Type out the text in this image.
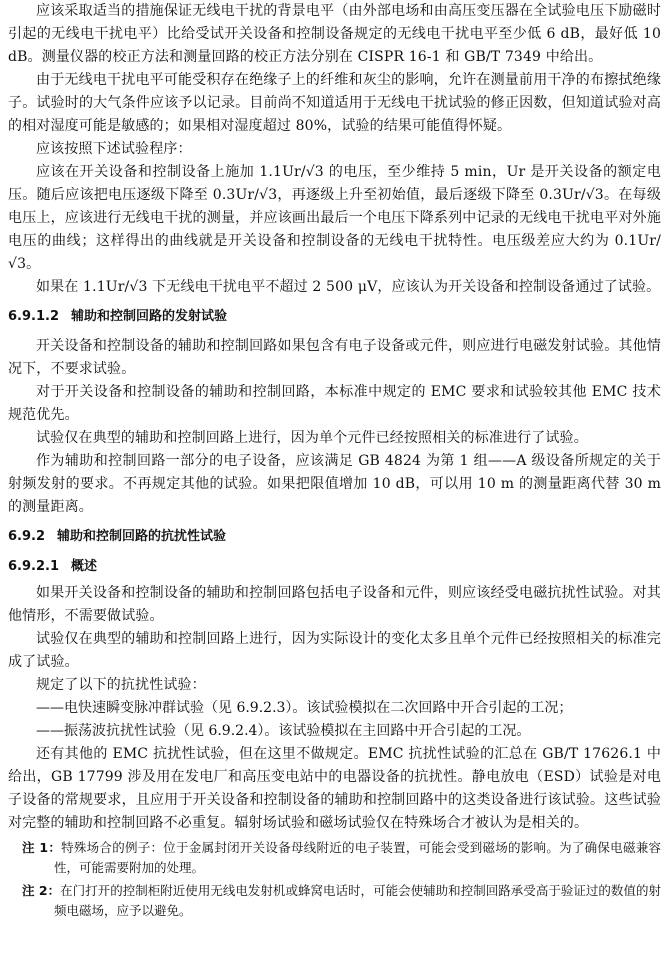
应该采取适当的措施保证无线电干扰的背景电平（由外部电场和由高压变压器在全试验电压下励磁时引起的无线电干扰电平）比给受试开关设备和控制设备规定的无线电干扰电平至少低 6 dB，最好低 10 dB。测量仪器的校正方法和测量回路的校正方法分别在 CISPR 16-1 和 GB/T 7349 中给出。

由于无线电干扰电平可能受积存在绝缘子上的纤维和灰尘的影响，允许在测量前用干净的布擦拭绝缘子。试验时的大气条件应该予以记录。目前尚不知道适用于无线电干扰试验的修正因数，但知道试验对高的相对湿度可能是敏感的；如果相对湿度超过 80%，试验的结果可能值得怀疑。

应该按照下述试验程序：

应该在开关设备和控制设备上施加 1.1Ur/√3 的电压，至少维持 5 min，Ur 是开关设备的额定电压。随后应该把电压逐级下降至 0.3Ur/√3，再逐级上升至初始值，最后逐级下降至 0.3Ur/√3。在每级电压上，应该进行无线电干扰的测量，并应该画出最后一个电压下降系列中记录的无线电干扰电平对外施电压的曲线；这样得出的曲线就是开关设备和控制设备的无线电干扰特性。电压级差应大约为 0.1Ur/√3。

如果在 1.1Ur/√3 下无线电干扰电平不超过 2 500 μV，应该认为开关设备和控制设备通过了试验。

6.9.1.2 辅助和控制回路的发射试验

开关设备和控制设备的辅助和控制回路如果包含有电子设备或元件，则应进行电磁发射试验。其他情况下，不要求试验。

对于开关设备和控制设备的辅助和控制回路，本标准中规定的 EMC 要求和试验较其他 EMC 技术规范优先。

试验仅在典型的辅助和控制回路上进行，因为单个元件已经按照相关的标准进行了试验。

作为辅助和控制回路一部分的电子设备，应该满足 GB 4824 为第 1 组——A 级设备所规定的关于射频发射的要求。不再规定其他的试验。如果把限值增加 10 dB，可以用 10 m 的测量距离代替 30 m 的测量距离。

6.9.2 辅助和控制回路的抗扰性试验
6.9.2.1 概述

如果开关设备和控制设备的辅助和控制回路包括电子设备和元件，则应该经受电磁抗扰性试验。对其他情形，不需要做试验。

试验仅在典型的辅助和控制回路上进行，因为实际设计的变化太多且单个元件已经按照相关的标准完成了试验。

规定了以下的抗扰性试验：

——电快速瞬变脉冲群试验（见 6.9.2.3）。该试验模拟在二次回路中开合引起的工况；

——振荡波抗扰性试验（见 6.9.2.4）。该试验模拟在主回路中开合引起的工况。

还有其他的 EMC 抗扰性试验，但在这里不做规定。EMC 抗扰性试验的汇总在 GB/T 17626.1 中给出，GB 17799 涉及用在发电厂和高压变电站中的电器设备的抗扰性。静电放电（ESD）试验是对电子设备的常规要求，且应用于开关设备和控制设备的辅助和控制回路中的这类设备进行该试验。这些试验对完整的辅助和控制回路不必重复。辐射场试验和磁场试验仅在特殊场合才被认为是相关的。

注 1：特殊场合的例子：位于金属封闭开关设备母线附近的电子装置，可能会受到磁场的影响。为了确保电磁兼容性，可能需要附加的处理。

注 2：在门打开的控制柜附近使用无线电发射机或蜂窝电话时，可能会使辅助和控制回路承受高于验证过的数值的射频电磁场，应予以避免。
